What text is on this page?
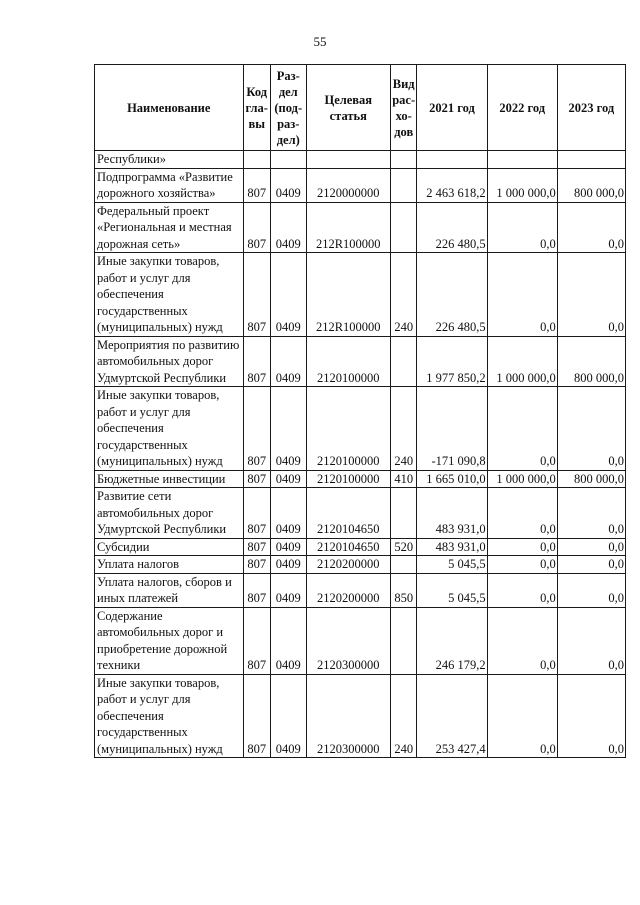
55
Наименование	Код гла- вы	Раз- дел (под- раз- дел)	Целевая статья	Вид рас- хо- дов	2021 год	2022 год	2023 год
Республики»							
Подпрограмма «Развитие дорожного хозяйства»	807	0409	2120000000		2 463 618,2	1 000 000,0	800 000,0
Федеральный проект «Региональная и местная дорожная сеть»	807	0409	212R100000		226 480,5	0,0	0,0
Иные закупки товаров, работ и услуг для обеспечения государственных (муниципальных) нужд	807	0409	212R100000	240	226 480,5	0,0	0,0
Мероприятия по развитию автомобильных дорог Удмуртской Республики	807	0409	2120100000		1 977 850,2	1 000 000,0	800 000,0
Иные закупки товаров, работ и услуг для обеспечения государственных (муниципальных) нужд	807	0409	2120100000	240	-171 090,8	0,0	0,0
Бюджетные инвестиции	807	0409	2120100000	410	1 665 010,0	1 000 000,0	800 000,0
Развитие сети автомобильных дорог Удмуртской Республики	807	0409	2120104650		483 931,0	0,0	0,0
Субсидии	807	0409	2120104650	520	483 931,0	0,0	0,0
Уплата налогов	807	0409	2120200000		5 045,5	0,0	0,0
Уплата налогов, сборов и иных платежей	807	0409	2120200000	850	5 045,5	0,0	0,0
Содержание автомобильных дорог и приобретение дорожной техники	807	0409	2120300000		246 179,2	0,0	0,0
Иные закупки товаров, работ и услуг для обеспечения государственных (муниципальных) нужд	807	0409	2120300000	240	253 427,4	0,0	0,0
